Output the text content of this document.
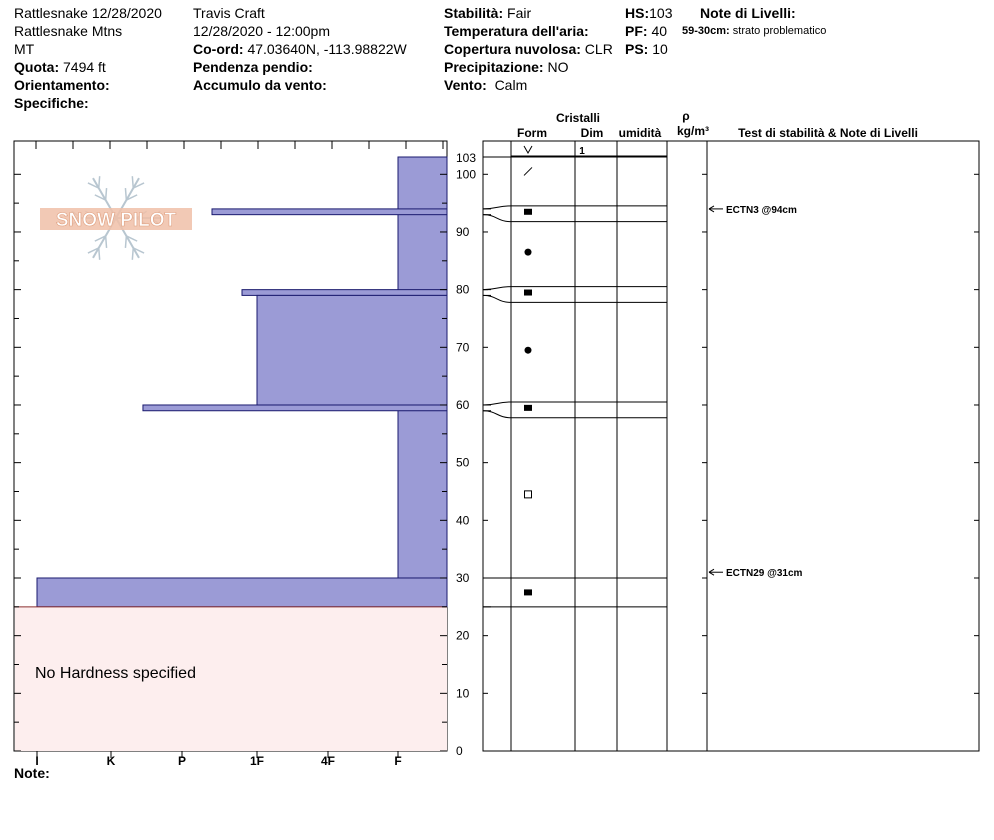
Rattlesnake 12/28/2020
Rattlesnake Mtns
MT
Quota: 7494 ft
Orientamento:
Specifiche:
Travis Craft
12/28/2020 - 12:00pm
Co-ord: 47.03640N, -113.98822W
Pendenza pendio:
Accumulo da vento:
Stabilità: Fair
Temperatura dell'aria:
Copertura nuvolosa: CLR
Precipitazione: NO
Vento: Calm
HS:103
PF: 40
PS: 10
Note di Livelli:
59-30cm: strato problematico
SNOW PILOT
I	K	P	1F	4F	F
0
10
20
30
40
50
60
70
80
90
100
103
ECTN3 @94cm
ECTN29 @31cm
Cristalli
Form	Dim umidità
ρ
kg/m³ Test di stabilità & Note di Livelli
1
Note:
No Hardness specified
